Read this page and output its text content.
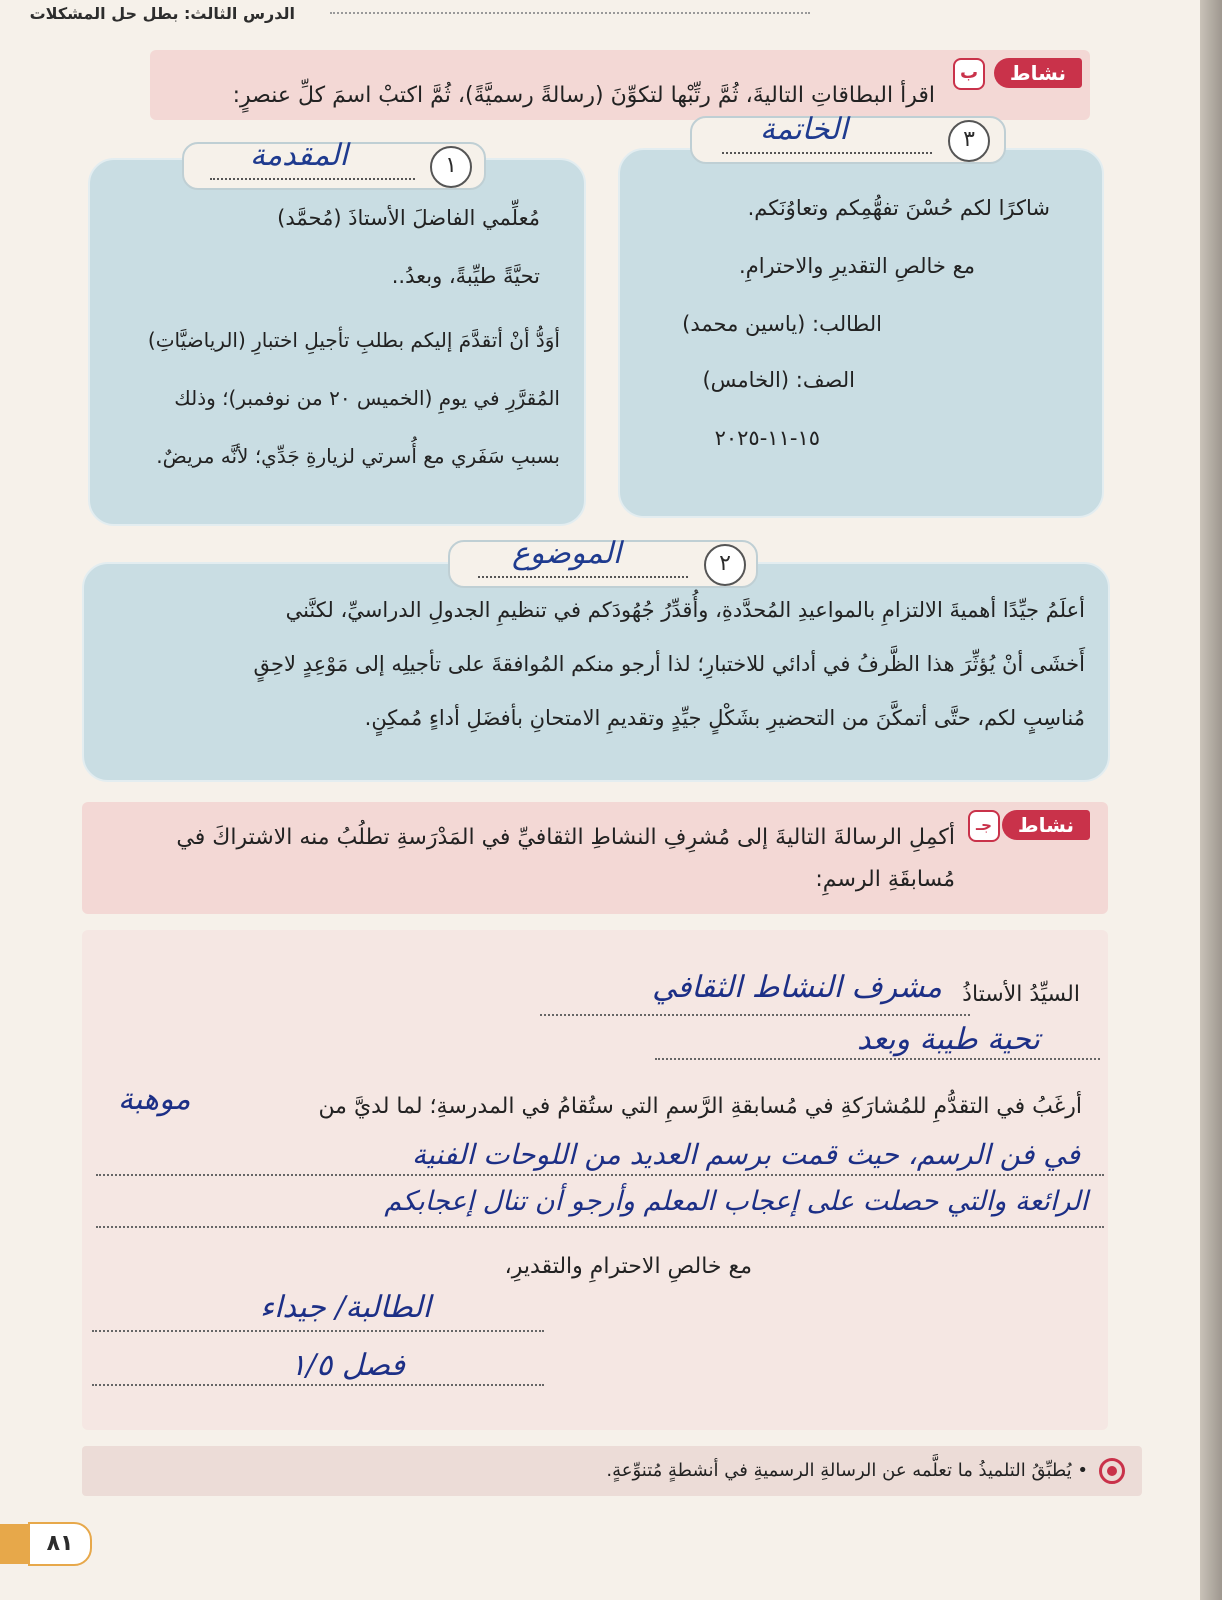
الدرس الثالث: بطل حل المشكلات
نشاط
ب
اقرأ البطاقاتِ التاليةَ، ثُمَّ رتِّبْها لتكوِّنَ (رسالةً رسميَّةً)، ثُمَّ اكتبْ اسمَ كلِّ عنصرٍ:
٣
الخاتمة
شاكرًا لكم حُسْنَ تفهُّمِكم وتعاوُنَكم.
مع خالصِ التقديرِ والاحترامِ.
الطالب: (ياسين محمد)
الصف: (الخامس)
١٥-١١-٢٠٢٥
١
المقدمة
مُعلِّمي الفاضلَ الأستاذَ (مُحمَّد)
تحيَّةً طيِّبةً، وبعدُ..
أوَدُّ أنْ أتقدَّمَ إليكم بطلبِ تأجيلِ اختبارِ (الرياضيَّاتِ)
المُقرَّرِ في يومِ (الخميس ٢٠ من نوفمبر)؛ وذلك
بسببِ سَفَري مع أُسرتي لزيارةِ جَدِّي؛ لأنَّه مريضٌ.
٢
الموضوع
أعلَمُ جيِّدًا أهميةَ الالتزامِ بالمواعيدِ المُحدَّدةِ، وأُقدِّرُ جُهُودَكم في تنظيمِ الجدولِ الدراسيِّ، لكنَّني
أَخشَى أنْ يُؤثِّرَ هذا الظَّرفُ في أدائي للاختبارِ؛ لذا أرجو منكم المُوافقةَ على تأجيلِه إلى مَوْعِدٍ لاحِقٍ
مُناسِبٍ لكم، حتَّى أتمكَّنَ من التحضيرِ بشَكْلٍ جيِّدٍ وتقديمِ الامتحانِ بأفضَلِ أداءٍ مُمكِنٍ.
نشاط
جـ
أكمِلِ الرسالةَ التاليةَ إلى مُشرِفِ النشاطِ الثقافيِّ في المَدْرَسةِ تطلُبُ منه الاشتراكَ في
مُسابقَةِ الرسمِ:
السيِّدُ الأستاذُ
مشرف النشاط الثقافي
تحية طيبة وبعد
أرغَبُ في التقدُّمِ للمُشارَكةِ في مُسابقةِ الرَّسمِ التي ستُقامُ في المدرسةِ؛ لما لديَّ من
موهبة
في فن الرسم، حيث قمت برسم العديد من اللوحات الفنية
الرائعة والتي حصلت على إعجاب المعلم وأرجو أن تنال إعجابكم
مع خالصِ الاحترامِ والتقديرِ،
الطالبة/ جيداء
فصل ١/٥
• يُطبِّقُ التلميذُ ما تعلَّمه عن الرسالةِ الرسميةِ في أنشطةٍ مُتنوِّعةٍ.
٨١
